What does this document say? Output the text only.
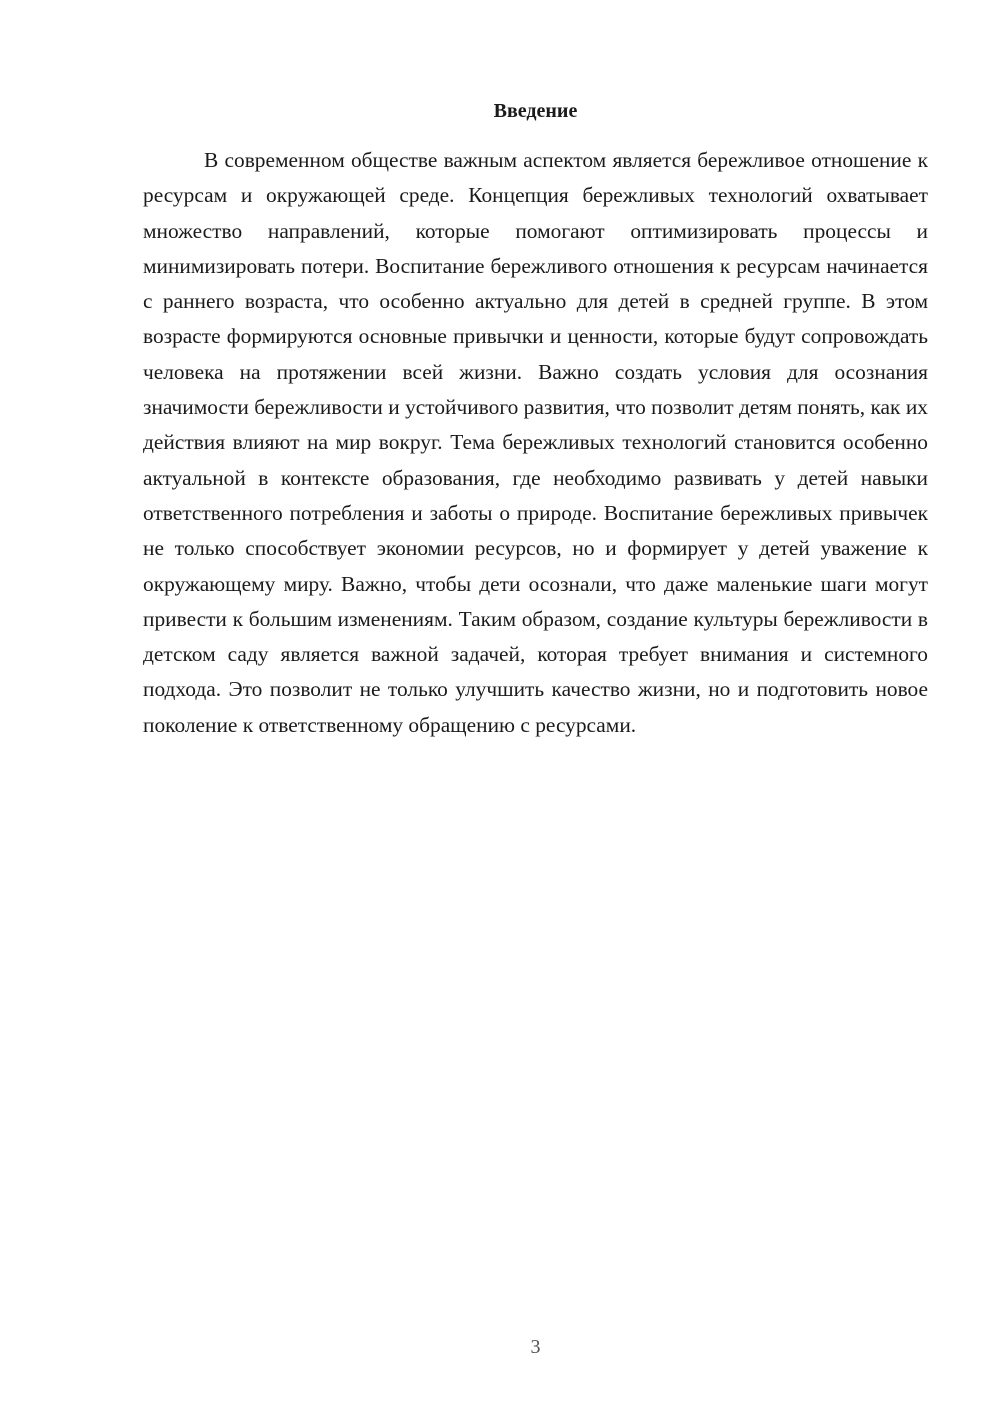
Введение

В современном обществе важным аспектом является бережливое отношение к ресурсам и окружающей среде. Концепция бережливых технологий охватывает множество направлений, которые помогают оптимизировать процессы и минимизировать потери. Воспитание бережливого отношения к ресурсам начинается с раннего возраста, что особенно актуально для детей в средней группе. В этом возрасте формируются основные привычки и ценности, которые будут сопровождать человека на протяжении всей жизни. Важно создать условия для осознания значимости бережливости и устойчивого развития, что позволит детям понять, как их действия влияют на мир вокруг. Тема бережливых технологий становится особенно актуальной в контексте образования, где необходимо развивать у детей навыки ответственного потребления и заботы о природе. Воспитание бережливых привычек не только способствует экономии ресурсов, но и формирует у детей уважение к окружающему миру. Важно, чтобы дети осознали, что даже маленькие шаги могут привести к большим изменениям. Таким образом, создание культуры бережливости в детском саду является важной задачей, которая требует внимания и системного подхода. Это позволит не только улучшить качество жизни, но и подготовить новое поколение к ответственному обращению с ресурсами.

3
